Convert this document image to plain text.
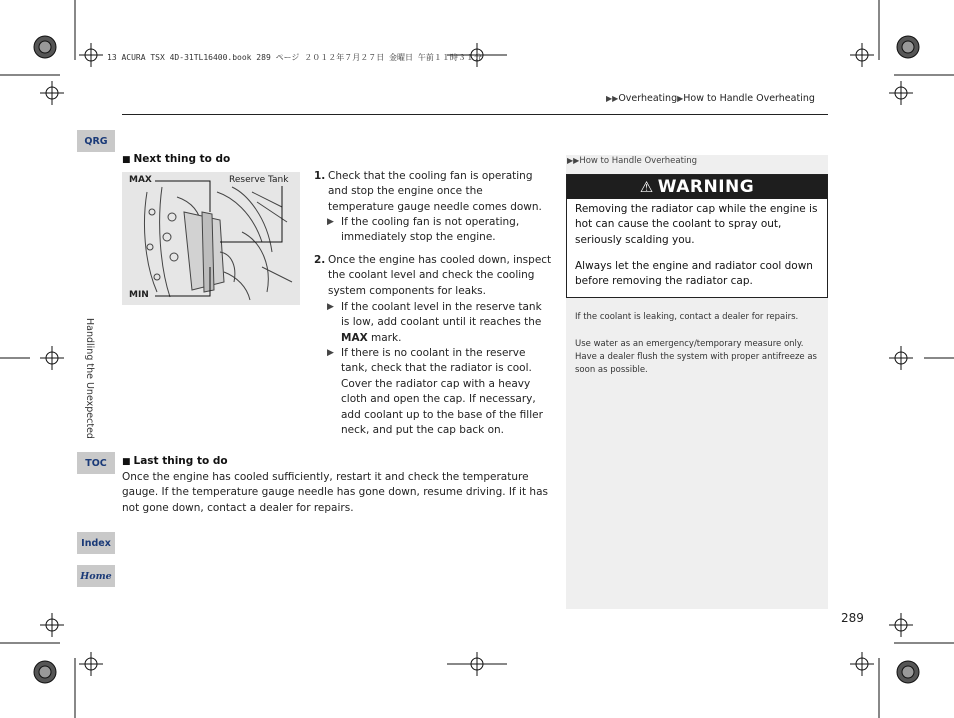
13 ACURA TSX 4D-31TL16400.book 289 ページ ２０１２年７月２７日 金曜日 午前１１時３１分
▶▶Overheating▶How to Handle Overheating
QRG
TOC
Index
Home
Handling the Unexpected
■ Next thing to do
MAX	Reserve Tank
MIN
1. Check that the cooling fan is operating and stop the engine once the temperature gauge needle comes down.
▶ If the cooling fan is not operating, immediately stop the engine.
2. Once the engine has cooled down, inspect the coolant level and check the cooling system components for leaks.
▶ If the coolant level in the reserve tank is low, add coolant until it reaches the MAX mark.
▶ If there is no coolant in the reserve tank, check that the radiator is cool. Cover the radiator cap with a heavy cloth and open the cap. If necessary, add coolant up to the base of the filler neck, and put the cap back on.
■ Last thing to do
Once the engine has cooled sufficiently, restart it and check the temperature gauge. If the temperature gauge needle has gone down, resume driving. If it has not gone down, contact a dealer for repairs.
▶▶How to Handle Overheating
⚠ WARNING
Removing the radiator cap while the engine is hot can cause the coolant to spray out, seriously scalding you.
Always let the engine and radiator cool down before removing the radiator cap.
If the coolant is leaking, contact a dealer for repairs.
Use water as an emergency/temporary measure only. Have a dealer flush the system with proper antifreeze as soon as possible.
289
